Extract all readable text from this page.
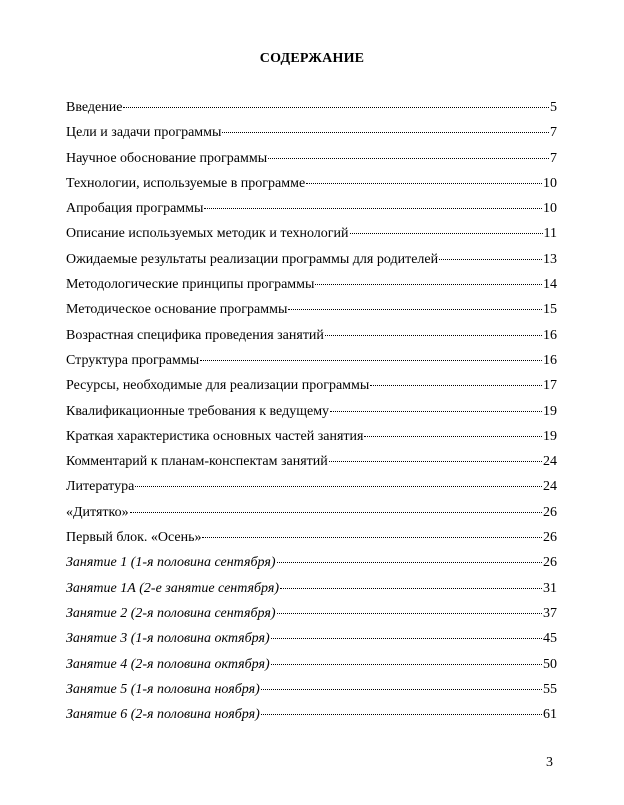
СОДЕРЖАНИЕ
Введение	5
Цели и задачи программы	7
Научное обоснование программы	7
Технологии, используемые в программе	10
Апробация программы	10
Описание используемых методик и технологий	11
Ожидаемые результаты реализации программы для родителей	13
Методологические принципы программы	14
Методическое основание программы	15
Возрастная специфика проведения занятий	16
Структура программы	16
Ресурсы, необходимые для реализации программы	17
Квалификационные требования к ведущему	19
Краткая характеристика основных частей занятия	19
Комментарий к планам-конспектам занятий	24
Литература	24
«Дитятко»	26
Первый блок. «Осень»	26
Занятие 1 (1-я половина сентября)	26
Занятие 1А (2-е занятие сентября)	31
Занятие 2 (2-я половина сентября)	37
Занятие 3 (1-я половина октября)	45
Занятие 4 (2-я половина октября)	50
Занятие 5 (1-я половина ноября)	55
Занятие 6 (2-я половина ноября)	61
3
